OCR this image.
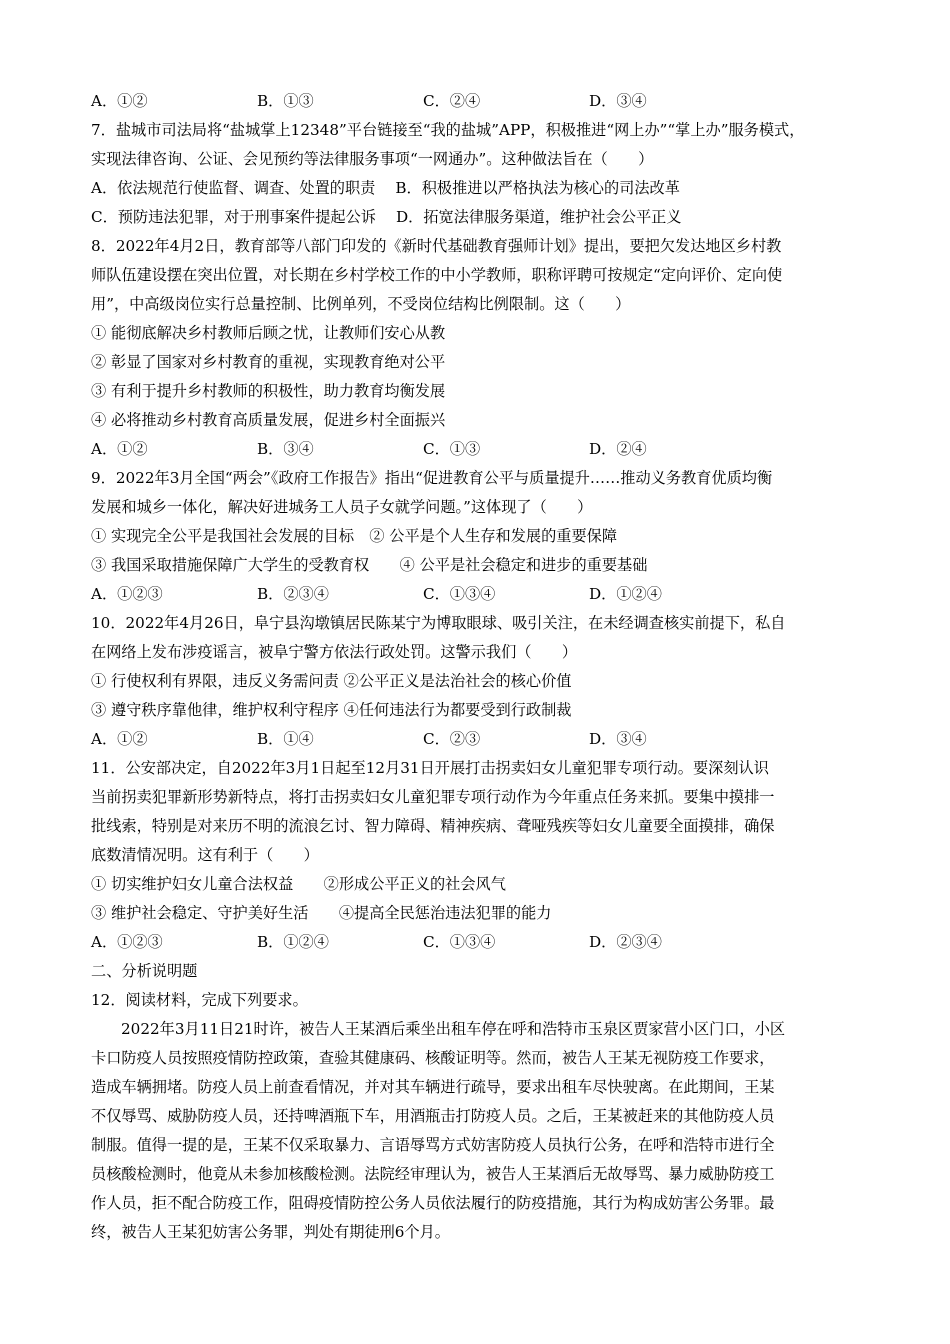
A．①②	B．①③	C．②④	D．③④
7．盐城市司法局将“盐城掌上12348”平台链接至“我的盐城”APP，积极推进“网上办”“掌上办”服务模式，
实现法律咨询、公证、会见预约等法律服务事项“一网通办”。这种做法旨在（　　）
A．依法规范行使监督、调查、处置的职责　 B．积极推进以严格执法为核心的司法改革
C．预防违法犯罪，对于刑事案件提起公诉　 D．拓宽法律服务渠道，维护社会公平正义
8．2022年4月2日，教育部等八部门印发的《新时代基础教育强师计划》提出，要把欠发达地区乡村教
师队伍建设摆在突出位置，对长期在乡村学校工作的中小学教师，职称评聘可按规定“定向评价、定向使
用”，中高级岗位实行总量控制、比例单列，不受岗位结构比例限制。这（　　）
① 能彻底解决乡村教师后顾之忧，让教师们安心从教
② 彰显了国家对乡村教育的重视，实现教育绝对公平
③ 有利于提升乡村教师的积极性，助力教育均衡发展
④ 必将推动乡村教育高质量发展，促进乡村全面振兴
A．①②	B．③④	C．①③	D．②④
9．2022年3月全国“两会”《政府工作报告》指出“促进教育公平与质量提升……推动义务教育优质均衡
发展和城乡一体化，解决好进城务工人员子女就学问题。”这体现了（　　）
① 实现完全公平是我国社会发展的目标　② 公平是个人生存和发展的重要保障
③ 我国采取措施保障广大学生的受教育权　　④ 公平是社会稳定和进步的重要基础
A．①②③	B．②③④	C．①③④	D．①②④
10．2022年4月26日，阜宁县沟墩镇居民陈某宁为博取眼球、吸引关注，在未经调查核实前提下，私自
在网络上发布涉疫谣言，被阜宁警方依法行政处罚。这警示我们（　　）
① 行使权利有界限，违反义务需问责 ②公平正义是法治社会的核心价值
③ 遵守秩序靠他律，维护权利守程序 ④任何违法行为都要受到行政制裁
A．①②	B．①④	C．②③	D．③④
11．公安部决定，自2022年3月1日起至12月31日开展打击拐卖妇女儿童犯罪专项行动。要深刻认识
当前拐卖犯罪新形势新特点，将打击拐卖妇女儿童犯罪专项行动作为今年重点任务来抓。要集中摸排一
批线索，特别是对来历不明的流浪乞讨、智力障碍、精神疾病、聋哑残疾等妇女儿童要全面摸排，确保
底数清情况明。这有利于（　　）
① 切实维护妇女儿童合法权益　　②形成公平正义的社会风气
③ 维护社会稳定、守护美好生活　　④提高全民惩治违法犯罪的能力
A．①②③	B．①②④	C．①③④	D．②③④
二、分析说明题
12．阅读材料，完成下列要求。
2022年3月11日21时许，被告人王某酒后乘坐出租车停在呼和浩特市玉泉区贾家营小区门口，小区
卡口防疫人员按照疫情防控政策，查验其健康码、核酸证明等。然而，被告人王某无视防疫工作要求，
造成车辆拥堵。防疫人员上前查看情况，并对其车辆进行疏导，要求出租车尽快驶离。在此期间，王某
不仅辱骂、威胁防疫人员，还持啤酒瓶下车，用酒瓶击打防疫人员。之后，王某被赶来的其他防疫人员
制服。值得一提的是，王某不仅采取暴力、言语辱骂方式妨害防疫人员执行公务，在呼和浩特市进行全
员核酸检测时，他竟从未参加核酸检测。法院经审理认为，被告人王某酒后无故辱骂、暴力威胁防疫工
作人员，拒不配合防疫工作，阻碍疫情防控公务人员依法履行的防疫措施，其行为构成妨害公务罪。最
终，被告人王某犯妨害公务罪，判处有期徒刑6个月。
